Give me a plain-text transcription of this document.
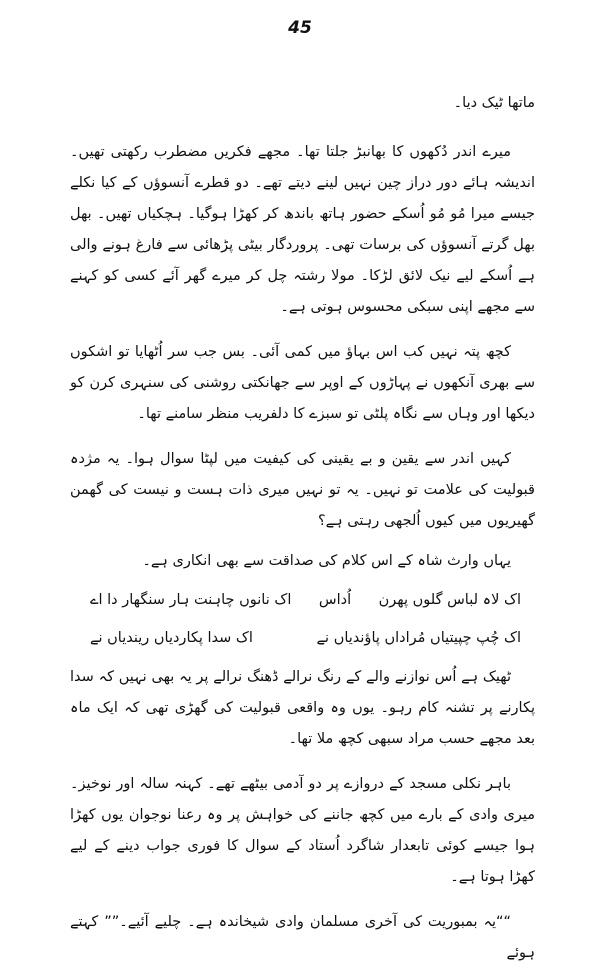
45

ماتھا ٹیک دیا۔

میرے اندر دُکھوں کا بھانبڑ جلتا تھا۔ مجھے فکریں مضطرب رکھتی تھیں۔ اندیشہ ہائے دور دراز چین نہیں لینے دیتے تھے۔ دو قطرے آنسوؤں کے کیا نکلے جیسے میرا مُو مُو اُسکے حضور ہاتھ باندھ کر کھڑا ہوگیا۔ ہچکیاں تھیں۔ بھل بھل گرتے آنسوؤں کی برسات تھی۔ پروردگار بیٹی پڑھائی سے فارغ ہونے والی ہے اُسکے لیے نیک لائق لڑکا۔ مولا رشتہ چل کر میرے گھر آئے کسی کو کہنے سے مجھے اپنی سبکی محسوس ہوتی ہے۔

کچھ پتہ نہیں کب اس بہاؤ میں کمی آئی۔ بس جب سر اُٹھایا تو اشکوں سے بھری آنکھوں نے پہاڑوں کے اوپر سے جھانکتی روشنی کی سنہری کرن کو دیکھا اور وہاں سے نگاہ پلٹی تو سبزے کا دلفریب منظر سامنے تھا۔

کہیں اندر سے یقین و بے یقینی کی کیفیت میں لپٹا سوال ہوا۔ یہ مژدہ قبولیت کی علامت تو نہیں۔ یہ تو نہیں میری ذات ہست و نیست کی گھمن گھیریوں میں کیوں اُلجھی رہتی ہے؟

یہاں وارث شاہ کے اس کلام کی صداقت سے بھی انکاری ہے۔

اک لاہ لباس گلوں پھرن
اُداس
اک نانوں چاہنت ہار سنگھار دا اے
اک چُپ چپیتیاں مُراداں پاؤندیاں نے
اک سدا پکاردیاں ریندیاں نے

ٹھیک ہے اُس نوازنے والے کے رنگ نرالے ڈھنگ نرالے پر یہ بھی نہیں کہ سدا پکارنے پر تشنہ کام رہو۔ یوں وہ واقعی قبولیت کی گھڑی تھی کہ ایک ماہ بعد مجھے حسب مراد سبھی کچھ ملا تھا۔

باہر نکلی مسجد کے دروازے پر دو آدمی بیٹھے تھے۔ کہنہ سالہ اور نوخیز۔ میری وادی کے بارے میں کچھ جاننے کی خواہش پر وہ رعنا نوجوان یوں کھڑا ہوا جیسے کوئی تابعدار شاگرد اُستاد کے سوال کا فوری جواب دینے کے لیے کھڑا ہوتا ہے۔

““یہ بمبوریت کی آخری مسلمان وادی شیخاندہ ہے۔ چلیے آئیے۔”” کہتے ہوئے
